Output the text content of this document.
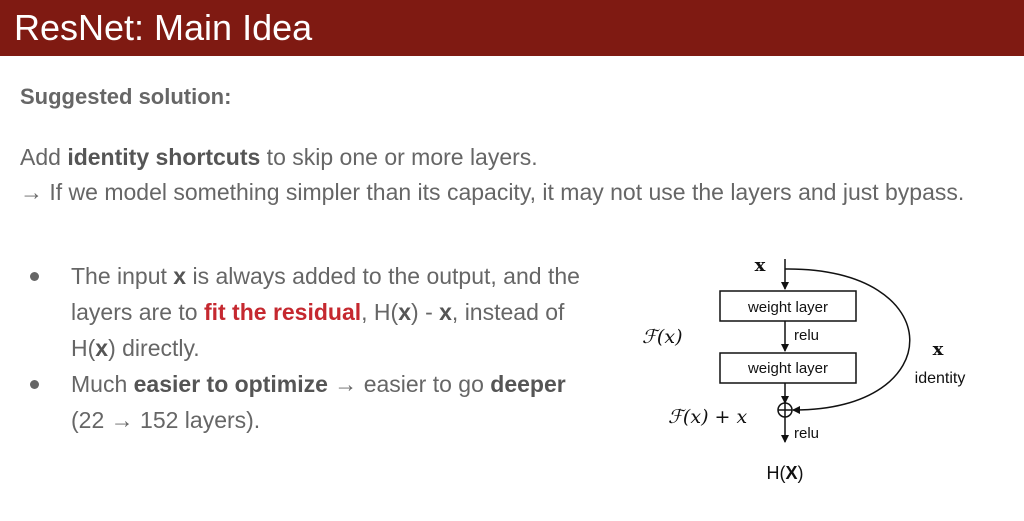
ResNet: Main Idea
Suggested solution:
Add identity shortcuts to skip one or more layers.
→ If we model something simpler than its capacity, it may not use the layers and just bypass.
The input x is always added to the output, and the layers are to fit the residual, H(x) - x, instead of H(x) directly.
Much easier to optimize → easier to go deeper (22 → 152 layers).
x
weight layer
relu
weight layer
relu
ℱ(x)
ℱ(x) + x
x
identity
H(X)
